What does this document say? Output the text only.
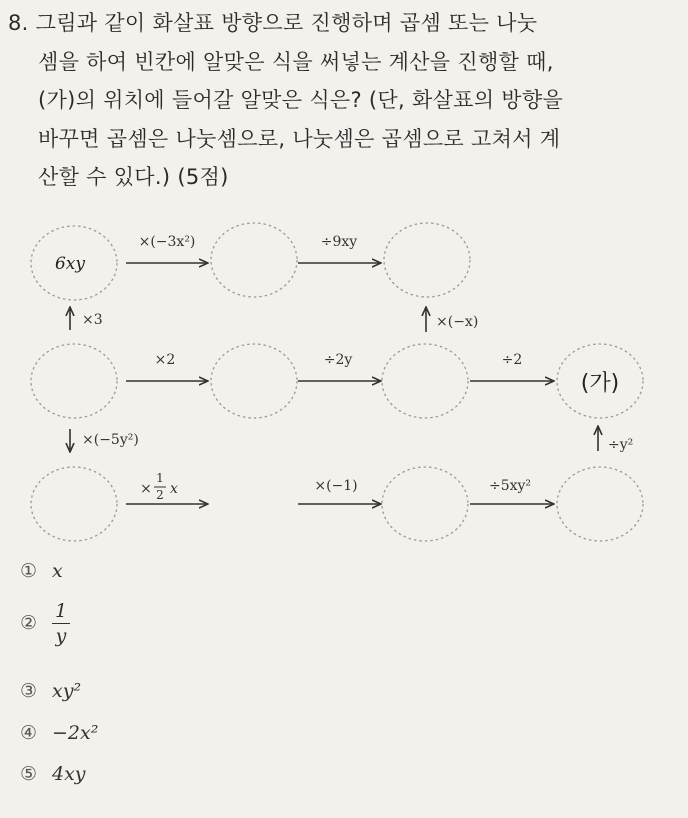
8. 그림과 같이 화살표 방향으로 진행하며 곱셈 또는 나눗
셈을 하여 빈칸에 알맞은 식을 써넣는 계산을 진행할 때,
(가)의 위치에 들어갈 알맞은 식은? (단, 화살표의 방향을
바꾸면 곱셈은 나눗셈으로, 나눗셈은 곱셈으로 고쳐서 계
산할 수 있다.) (5점)
6xy
(가)
×(−3x²)	÷9xy
×2	÷2y	÷2
×
1
2 x	×(−1)	÷5xy²
×3
×(−5y²)
×(−x)
÷y²
① x
② $\frac{1}{y}$
③ xy²
④ −2x²
⑤ 4xy
